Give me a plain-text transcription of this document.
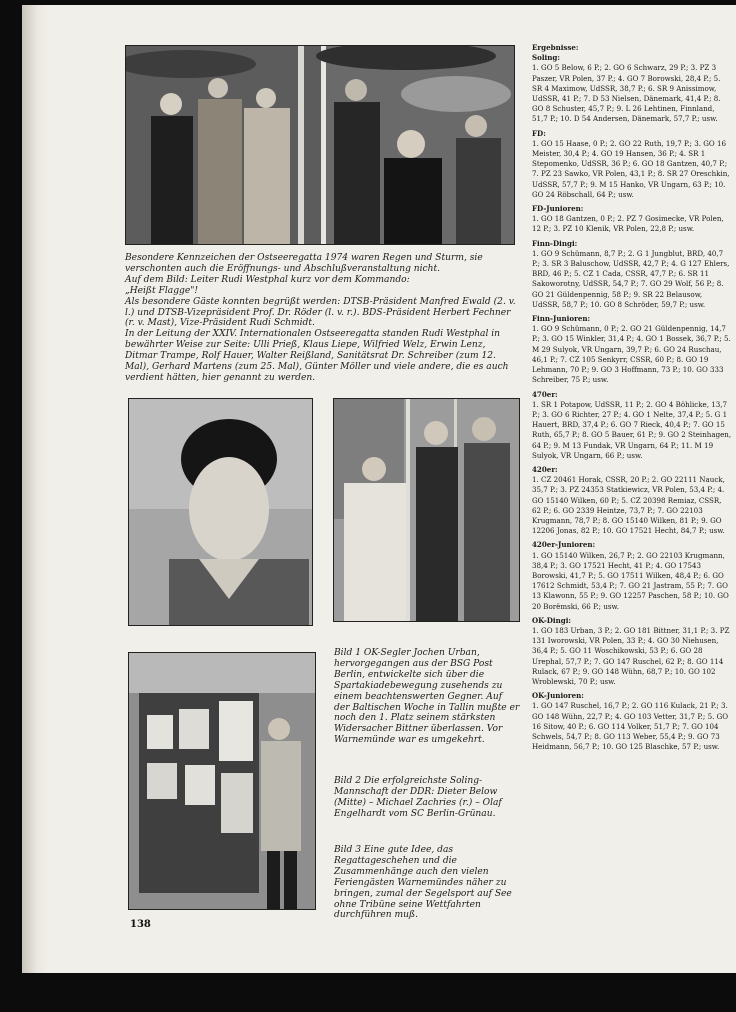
Besondere Kennzeichen der Ostseeregatta 1974 waren Regen und Sturm, sie verschonten auch die Eröffnungs- und Abschlußveranstaltung nicht.

Auf dem Bild: Leiter Rudi Westphal kurz vor dem Kommando:

„Heißt Flagge"!

Als besondere Gäste konnten begrüßt werden: DTSB-Präsident Manfred Ewald (2. v. l.) und DTSB-Vizepräsident Prof. Dr. Röder (l. v. r.). BDS-Präsident Herbert Fechner (r. v. Mast), Vize-Präsident Rudi Schmidt.

In der Leitung der XXIV. Internationalen Ostseeregatta standen Rudi Westphal in bewährter Weise zur Seite: Ulli Prieß, Klaus Liepe, Wilfried Welz, Erwin Lenz, Ditmar Trampe, Rolf Hauer, Walter Reißland, Sanitätsrat Dr. Schreiber (zum 12. Mal), Gerhard Martens (zum 25. Mal), Günter Möller und viele andere, die es auch verdient hätten, hier genannt zu werden.

Bild 1 OK-Segler Jochen Urban, hervorgegangen aus der BSG Post Berlin, entwickelte sich über die Spartakiadebewegung zusehends zu einem beachtenswerten Gegner. Auf der Baltischen Woche in Tallin mußte er noch den 1. Platz seinem stärksten Widersacher Bittner überlassen. Vor Warnemünde war es umgekehrt.

Bild 2 Die erfolgreichste Soling-Mannschaft der DDR: Dieter Below (Mitte) – Michael Zachries (r.) – Olaf Engelhardt vom SC Berlin-Grünau.

Bild 3 Eine gute Idee, das Regattageschehen und die Zusammenhänge auch den vielen Feriengästen Warnemündes näher zu bringen, zumal der Segelsport auf See ohne Tribüne seine Wettfahrten durchführen muß.

Ergebnisse:

Soling:

1. GO 5 Below, 6 P.; 2. GO 6 Schwarz, 29 P.; 3. PZ 3 Paszer, VR Polen, 37 P.; 4. GO 7 Borowski, 28,4 P.; 5. SR 4 Maximow, UdSSR, 38,7 P.; 6. SR 9 Anissimow, UdSSR, 41 P.; 7. D 53 Nielsen, Dänemark, 41,4 P.; 8. GO 8 Schuster, 45,7 P.; 9. L 26 Lehtinen, Finnland, 51,7 P.; 10. D 54 Andersen, Dänemark, 57,7 P.; usw.

FD:

1. GO 15 Haase, 0 P.; 2. GO 22 Ruth, 19,7 P.; 3. GO 16 Meister, 30,4 P.; 4. GO 19 Hansen, 36 P.; 4. SR 1 Stepomenko, UdSSR, 36 P.; 6. GO 18 Gantzen, 40,7 P.; 7. PZ 23 Sawko, VR Polen, 43,1 P.; 8. SR 27 Oreschkin, UdSSR, 57,7 P.; 9. M 15 Hanko, VR Ungarn, 63 P.; 10. GO 24 Röbschall, 64 P.; usw.

FD-Junioren:

1. GO 18 Gantzen, 0 P.; 2. PZ 7 Gosimecke, VR Polen, 12 P.; 3. PZ 10 Klenik, VR Polen, 22,8 P.; usw.

Finn-Dingi:

1. GO 9 Schümann, 8,7 P.; 2. G 1 Jungblut, BRD, 40,7 P.; 3. SR 3 Baluschow, UdSSR, 42,7 P.; 4. G 127 Ehlers, BRD, 46 P.; 5. CZ 1 Cada, CSSR, 47,7 P.; 6. SR 11 Sakoworotny, UdSSR, 54,7 P.; 7. GO 29 Wolf, 56 P.; 8. GO 21 Güldenpennig, 58 P.; 9. SR 22 Belausow, UdSSR, 58,7 P.; 10. GO 8 Schröder, 59,7 P.; usw.

Finn-Junioren:

1. GO 9 Schümann, 0 P.; 2. GO 21 Güldenpennig, 14,7 P.; 3. GO 15 Winkler, 31,4 P.; 4. GO 1 Bossek, 36,7 P.; 5. M 29 Sulyok, VR Ungarn, 39,7 P.; 6. GO 24 Ruschau, 46,1 P.; 7. CZ 105 Senkyrr, CSSR, 60 P.; 8. GO 19 Lehmann, 70 P.; 9. GO 3 Hoffmann, 73 P.; 10. GO 333 Schreiber, 75 P.; usw.

470er:

1. SR 1 Potapow, UdSSR, 11 P.; 2. GO 4 Böhlicke, 13,7 P.; 3. GO 6 Richter, 27 P.; 4. GO 1 Nelte, 37,4 P.; 5. G 1 Hauert, BRD, 37,4 P.; 6. GO 7 Rieck, 40,4 P.; 7. GO 15 Ruth, 65,7 P.; 8. GO 5 Bauer, 61 P.; 9. GO 2 Steinhagen, 64 P.; 9. M 13 Fundak, VR Ungarn, 64 P.; 11. M 19 Sulyok, VR Ungarn, 66 P.; usw.

420er:

1. CZ 20461 Horak, CSSR, 20 P.; 2. GO 22111 Nauck, 35,7 P.; 3. PZ 24353 Statkiewicz, VR Polen, 53,4 P.; 4. GO 15140 Wilken, 60 P.; 5. CZ 20398 Remiaz, CSSR, 62 P.; 6. GO 2339 Heintze, 73,7 P.; 7. GO 22103 Krugmann, 78,7 P.; 8. GO 15140 Wilken, 81 P.; 9. GO 12206 Jonas, 82 P.; 10. GO 17521 Hecht, 84,7 P.; usw.

420er-Junioren:

1. GO 15140 Wilken, 26,7 P.; 2. GO 22103 Krugmann, 38,4 P.; 3. GO 17521 Hecht, 41 P.; 4. GO 17543 Borowski, 41,7 P.; 5. GO 17511 Wilken, 48,4 P.; 6. GO 17612 Schmidt, 53,4 P.; 7. GO 21 Jastram, 55 P.; 7. GO 13 Klawonn, 55 P.; 9. GO 12257 Paschen, 58 P.; 10. GO 20 Borëmski, 66 P.; usw.

OK-Dingi:

1. GO 183 Urban, 3 P.; 2. GO 181 Bittner, 31,1 P.; 3. PZ 131 Iworowski, VR Polen, 33 P.; 4. GO 30 Niehusen, 36,4 P.; 5. GO 11 Woschikowski, 53 P.; 6. GO 28 Urephal, 57,7 P.; 7. GO 147 Ruschel, 62 P.; 8. GO 114 Rulack, 67 P.; 9. GO 148 Wühn, 68,7 P.; 10. GO 102 Wroblewski, 70 P.; usw.

OK-Junioren:

1. GO 147 Ruschel, 16,7 P.; 2. GO 116 Kulack, 21 P.; 3. GO 148 Wühn, 22,7 P.; 4. GO 103 Vetter, 31,7 P.; 5. GO 16 Sitow, 40 P.; 6. GO 114 Volker, 51,7 P.; 7. GO 104 Schwels, 54,7 P.; 8. GO 113 Weber, 55,4 P.; 9. GO 73 Heidmann, 56,7 P.; 10. GO 125 Blaschke, 57 P.; usw.

138
